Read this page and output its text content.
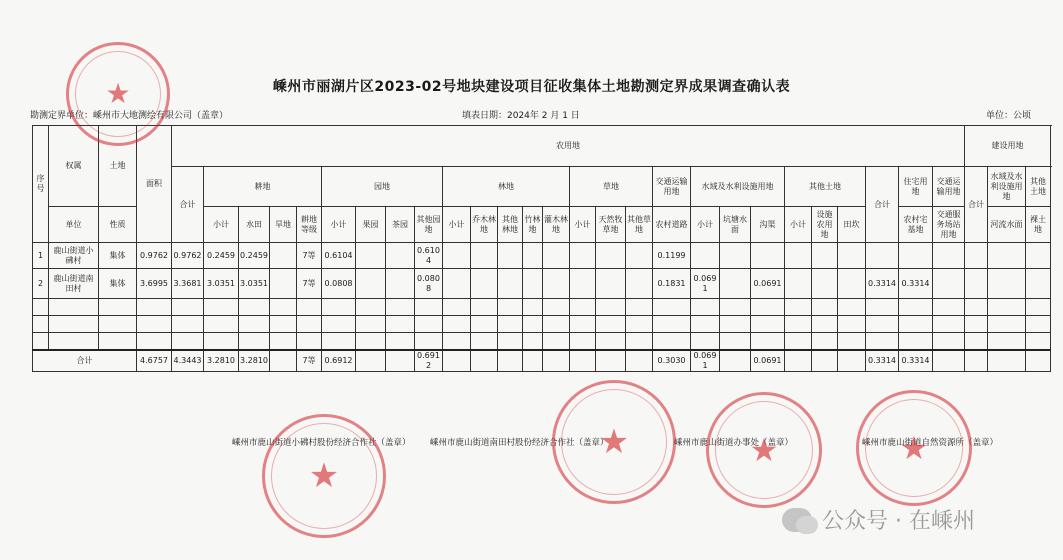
嵊州市丽湖片区2023-02号地块建设项目征收集体土地勘测定界成果调查确认表
勘测定界单位：嵊州市大地测绘有限公司（盖章）	填表日期：2024年 2 月 1 日	单位：公顷
序号	权属	土地	面积	农用地																											建设用地	
				合计	耕地				园地				林地					草地			交通运输用地	水域及水利设施用地			其他土地			合计	住宅用地	交通运输用地	合计	水域及水利设施用地	其他土地	
	单位	性质			小计	水田	旱地	耕地等级	小计	果园	茶园	其他园地	小计	乔木林地	其他林地	竹林地	灌木林地	小计	天然牧草地	其他草地	农村道路	小计	坑塘水面	沟渠	小计	设施农用地	田坎		农村宅基地	交通服务场站用地		河流水面	裸土地	

1	鹿山街道小砩村	集体	0.9762	0.9762	0.2459	0.2459		7等	0.6104			0.6104									0.1199													
2	鹿山街道南田村	集体	3.6995	3.3681	3.0351	3.0351		7等	0.0808			0.0808									0.1831	0.0691		0.0691				0.3314	0.3314					

合计			4.6757	4.3443	3.2810	3.2810		7等	0.6912			0.6912									0.3030	0.0691		0.0691				0.3314	0.3314					
嵊州市鹿山街道小砩村股份经济合作社（盖章）	嵊州市鹿山街道南田村股份经济合作社（盖章）	嵊州市鹿山街道办事处（盖章）	嵊州市鹿山街道自然资源所（盖章）
★
★
★	★	★
公众号 · 在嵊州
